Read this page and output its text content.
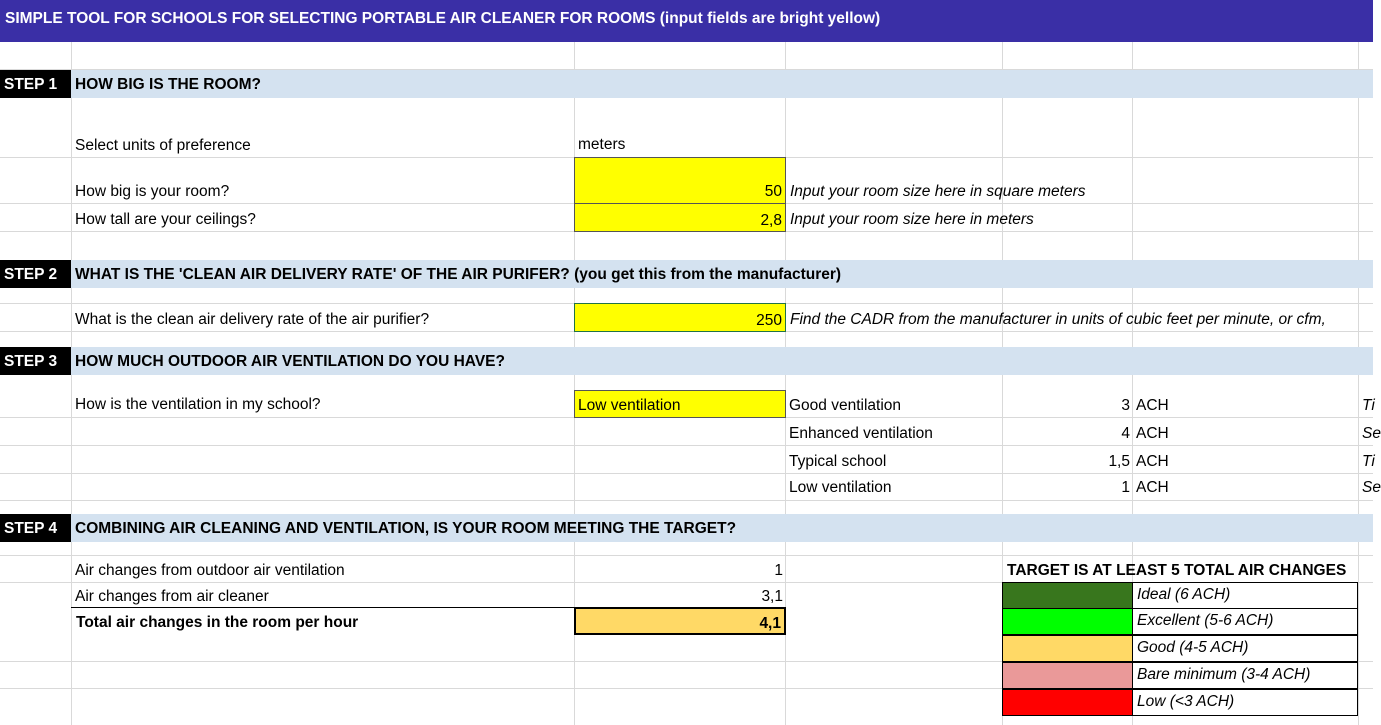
SIMPLE TOOL FOR SCHOOLS FOR SELECTING PORTABLE AIR CLEANER FOR ROOMS (input fields are bright yellow)
STEP 1	HOW BIG IS THE ROOM?
Select units of preference	meters
How big is your room?	50 Input your room size here in square meters
How tall are your ceilings?	2,8 Input your room size here in meters
STEP 2	WHAT IS THE 'CLEAN AIR DELIVERY RATE' OF THE AIR PURIFER? (you get this from the manufacturer)
What is the clean air delivery rate of the air purifier?	250 Find the CADR from the manufacturer in units of cubic feet per minute, or cfm,
STEP 3	HOW MUCH OUTDOOR AIR VENTILATION DO YOU HAVE?
How is the ventilation in my school?	Low ventilation	Good ventilation	3 ACH	Ti
Enhanced ventilation	4 ACH	Se
Typical school	1,5 ACH	Ti
Low ventilation	1 ACH	Se
STEP 4	COMBINING AIR CLEANING AND VENTILATION, IS YOUR ROOM MEETING THE TARGET?
Air changes from outdoor air ventilation	1
Air changes from air cleaner	3,1
Total air changes in the room per hour	4,1
TARGET IS AT LEAST 5 TOTAL AIR CHANGES
Ideal (6 ACH)
Excellent (5-6 ACH)
Good (4-5 ACH)
Bare minimum (3-4 ACH)
Low (<3 ACH)
